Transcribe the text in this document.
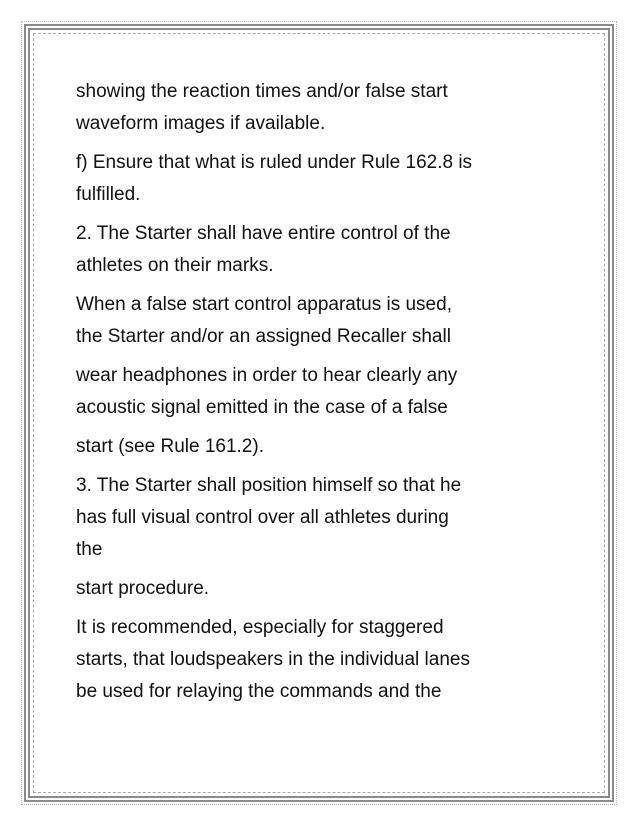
showing the reaction times and/or false start
waveform images if available.

f) Ensure that what is ruled under Rule 162.8 is
fulfilled.

2. The Starter shall have entire control of the
athletes on their marks.

When a false start control apparatus is used,
the Starter and/or an assigned Recaller shall

wear headphones in order to hear clearly any
acoustic signal emitted in the case of a false

start (see Rule 161.2).

3. The Starter shall position himself so that he
has full visual control over all athletes during
the

start procedure.

It is recommended, especially for staggered
starts, that loudspeakers in the individual lanes
be used for relaying the commands and the
